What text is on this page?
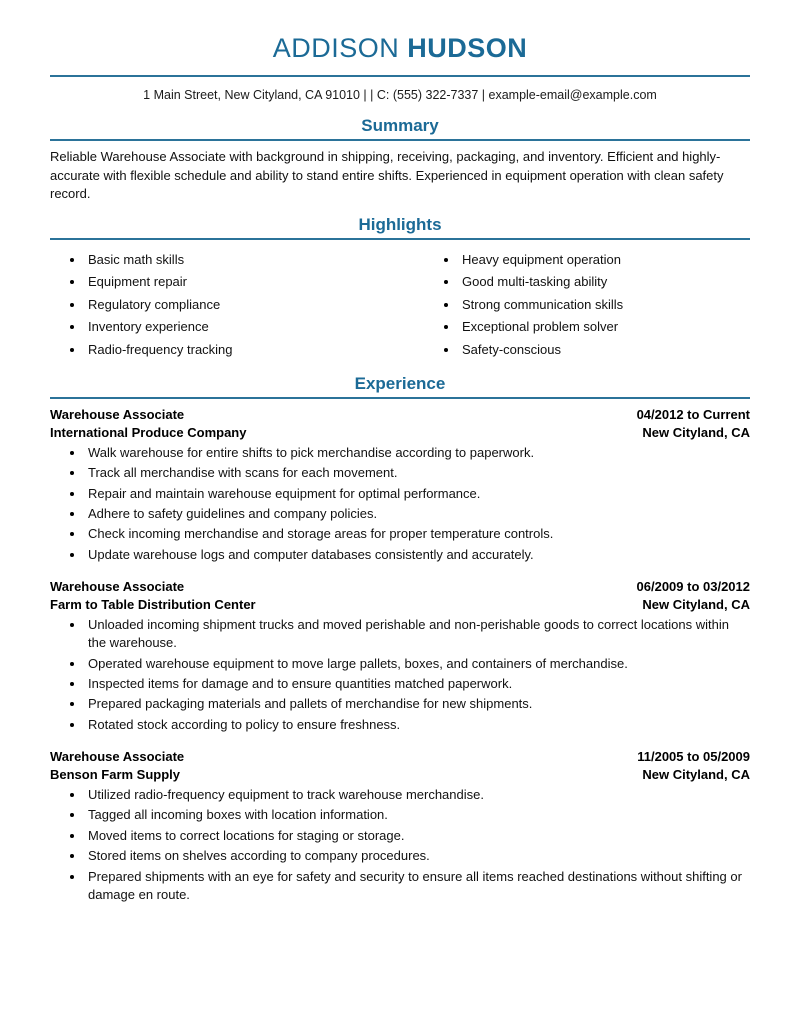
ADDISON HUDSON
1 Main Street, New Cityland, CA 91010 | | C: (555) 322-7337 | example-email@example.com
Summary
Reliable Warehouse Associate with background in shipping, receiving, packaging, and inventory. Efficient and highly-accurate with flexible schedule and ability to stand entire shifts. Experienced in equipment operation with clean safety record.
Highlights
Basic math skills
Equipment repair
Regulatory compliance
Inventory experience
Radio-frequency tracking
Heavy equipment operation
Good multi-tasking ability
Strong communication skills
Exceptional problem solver
Safety-conscious
Experience
Warehouse Associate	04/2012 to Current
International Produce Company	New Cityland, CA
Walk warehouse for entire shifts to pick merchandise according to paperwork.
Track all merchandise with scans for each movement.
Repair and maintain warehouse equipment for optimal performance.
Adhere to safety guidelines and company policies.
Check incoming merchandise and storage areas for proper temperature controls.
Update warehouse logs and computer databases consistently and accurately.
Warehouse Associate	06/2009 to 03/2012
Farm to Table Distribution Center	New Cityland, CA
Unloaded incoming shipment trucks and moved perishable and non-perishable goods to correct locations within the warehouse.
Operated warehouse equipment to move large pallets, boxes, and containers of merchandise.
Inspected items for damage and to ensure quantities matched paperwork.
Prepared packaging materials and pallets of merchandise for new shipments.
Rotated stock according to policy to ensure freshness.
Warehouse Associate	11/2005 to 05/2009
Benson Farm Supply	New Cityland, CA
Utilized radio-frequency equipment to track warehouse merchandise.
Tagged all incoming boxes with location information.
Moved items to correct locations for staging or storage.
Stored items on shelves according to company procedures.
Prepared shipments with an eye for safety and security to ensure all items reached destinations without shifting or damage en route.
